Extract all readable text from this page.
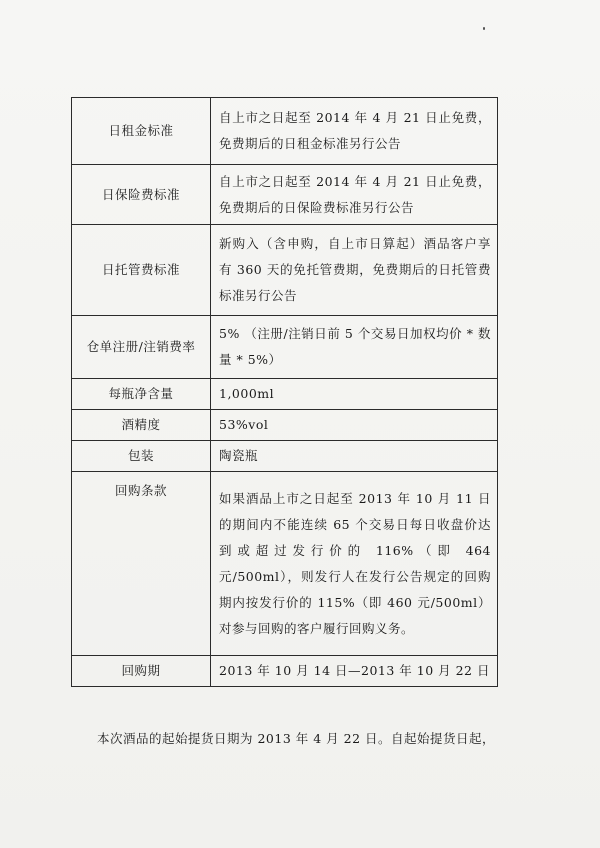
日租金标准	自上市之日起至 2014 年 4 月 21 日止免费，免费期后的日租金标准另行公告
日保险费标准	自上市之日起至 2014 年 4 月 21 日止免费，免费期后的日保险费标准另行公告
日托管费标准	新购入（含申购，自上市日算起）酒品客户享有 360 天的免托管费期，免费期后的日托管费标准另行公告
仓单注册/注销费率	5% （注册/注销日前 5 个交易日加权均价 * 数量 * 5%）
每瓶净含量	1,000ml
酒精度	53%vol
包装	陶瓷瓶
回购条款	如果酒品上市之日起至 2013 年 10 月 11 日的期间内不能连续 65 个交易日每日收盘价达到或超过发行价的 116%（即 464 元/500ml），则发行人在发行公告规定的回购期内按发行价的 115%（即 460 元/500ml）对参与回购的客户履行回购义务。
回购期	2013 年 10 月 14 日—2013 年 10 月 22 日
本次酒品的起始提货日期为 2013 年 4 月 22 日。自起始提货日起，
